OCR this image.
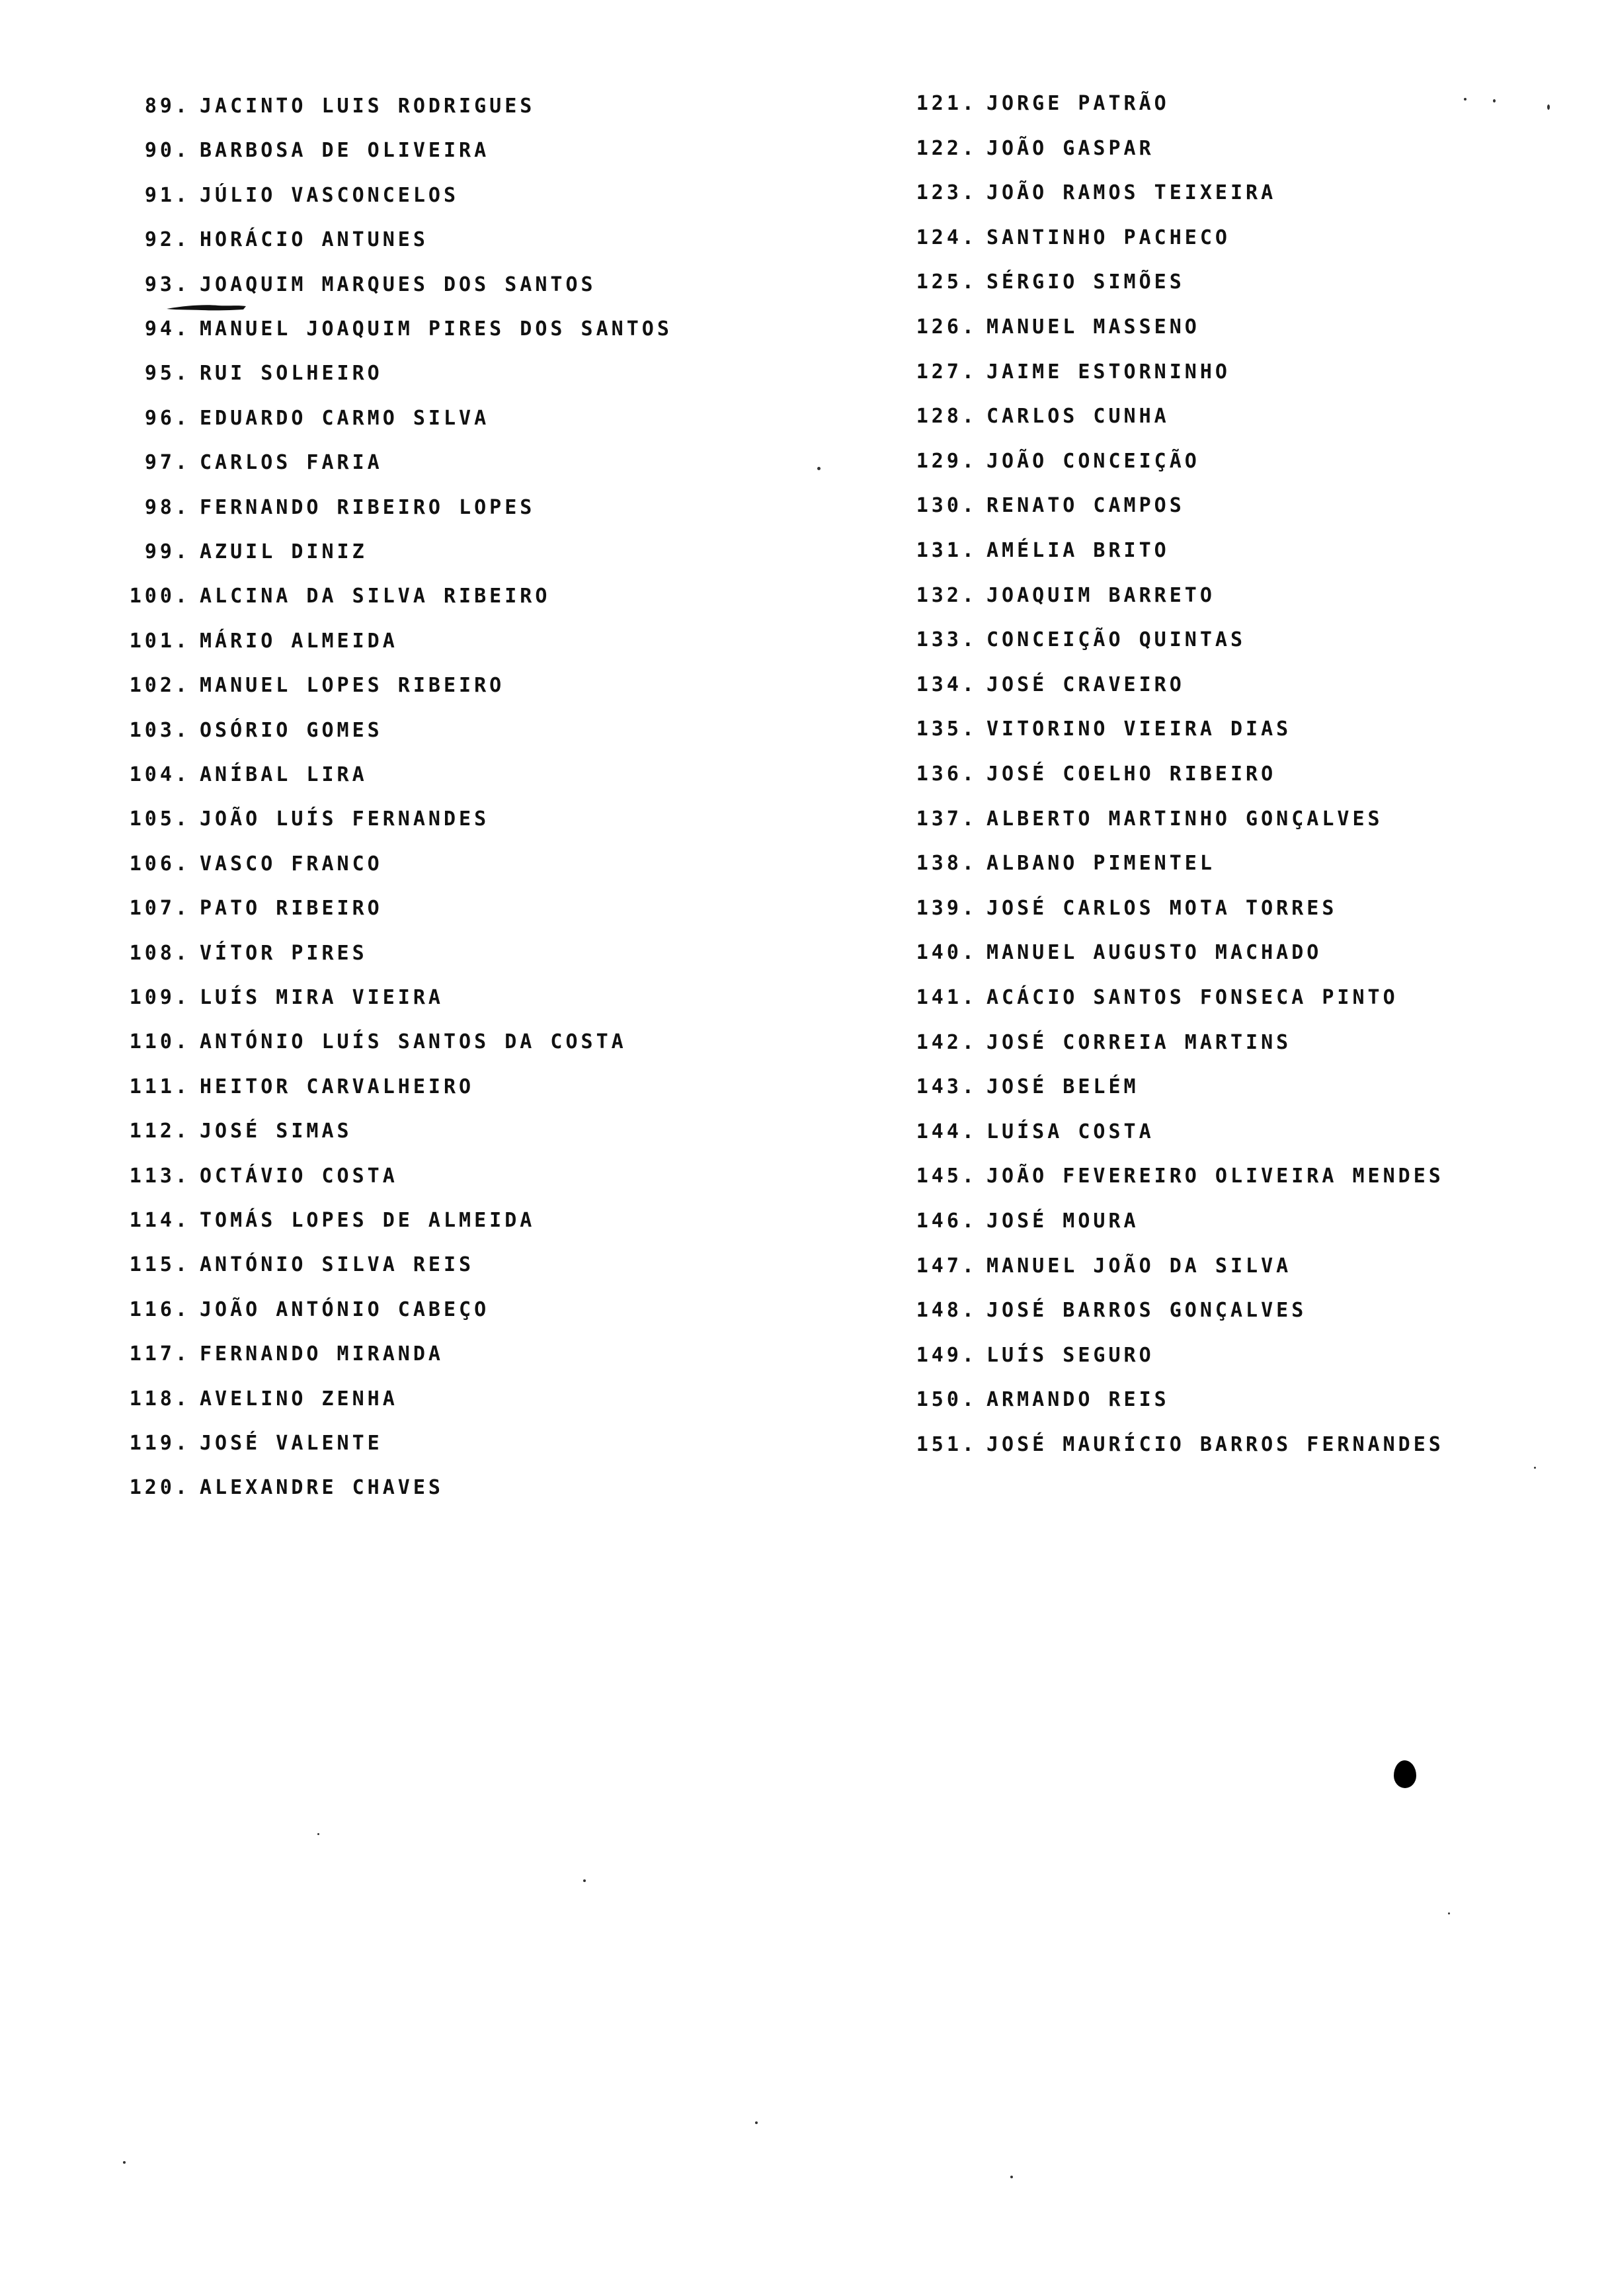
89. JACINTO LUIS RODRIGUES
90. BARBOSA DE OLIVEIRA
91. JÚLIO VASCONCELOS
92. HORÁCIO ANTUNES
93. JOAQUIM MARQUES DOS SANTOS
94. MANUEL JOAQUIM PIRES DOS SANTOS
95. RUI SOLHEIRO
96. EDUARDO CARMO SILVA
97. CARLOS FARIA
98. FERNANDO RIBEIRO LOPES
99. AZUIL DINIZ
100. ALCINA DA SILVA RIBEIRO
101. MÁRIO ALMEIDA
102. MANUEL LOPES RIBEIRO
103. OSÓRIO GOMES
104. ANÍBAL LIRA
105. JOÃO LUÍS FERNANDES
106. VASCO FRANCO
107. PATO RIBEIRO
108. VÍTOR PIRES
109. LUÍS MIRA VIEIRA
110. ANTÓNIO LUÍS SANTOS DA COSTA
111. HEITOR CARVALHEIRO
112. JOSÉ SIMAS
113. OCTÁVIO COSTA
114. TOMÁS LOPES DE ALMEIDA
115. ANTÓNIO SILVA REIS
116. JOÃO ANTÓNIO CABEÇO
117. FERNANDO MIRANDA
118. AVELINO ZENHA
119. JOSÉ VALENTE
120. ALEXANDRE CHAVES
121. JORGE PATRÃO
122. JOÃO GASPAR
123. JOÃO RAMOS TEIXEIRA
124. SANTINHO PACHECO
125. SÉRGIO SIMÕES
126. MANUEL MASSENO
127. JAIME ESTORNINHO
128. CARLOS CUNHA
129. JOÃO CONCEIÇÃO
130. RENATO CAMPOS
131. AMÉLIA BRITO
132. JOAQUIM BARRETO
133. CONCEIÇÃO QUINTAS
134. JOSÉ CRAVEIRO
135. VITORINO VIEIRA DIAS
136. JOSÉ COELHO RIBEIRO
137. ALBERTO MARTINHO GONÇALVES
138. ALBANO PIMENTEL
139. JOSÉ CARLOS MOTA TORRES
140. MANUEL AUGUSTO MACHADO
141. ACÁCIO SANTOS FONSECA PINTO
142. JOSÉ CORREIA MARTINS
143. JOSÉ BELÉM
144. LUÍSA COSTA
145. JOÃO FEVEREIRO OLIVEIRA MENDES
146. JOSÉ MOURA
147. MANUEL JOÃO DA SILVA
148. JOSÉ BARROS GONÇALVES
149. LUÍS SEGURO
150. ARMANDO REIS
151. JOSÉ MAURÍCIO BARROS FERNANDES
